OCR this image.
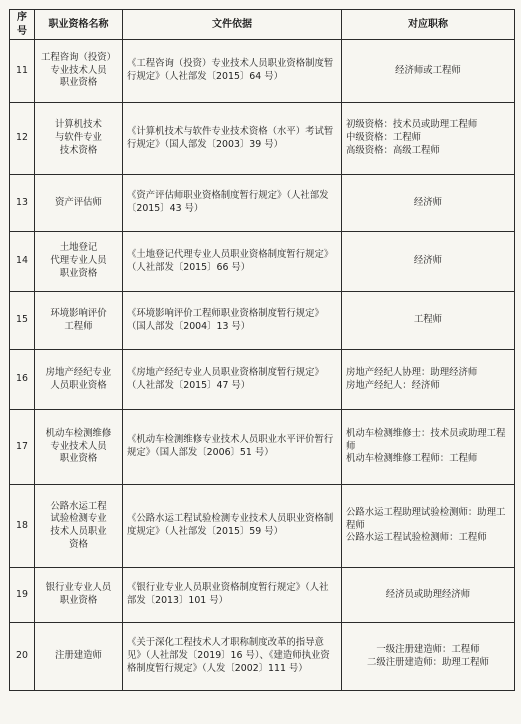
序号	职业资格名称	文件依据	对应职称
11	工程咨询（投资）
专业技术人员
职业资格	《工程咨询（投资）专业技术人员职业资格制度暂行规定》（人社部发〔2015〕64 号）	经济师或工程师

12	计算机技术
与软件专业
技术资格	《计算机技术与软件专业技术资格（水平）考试暂行规定》（国人部发〔2003〕39 号）	初级资格：技术员或助理工程师
中级资格：工程师
高级资格：高级工程师

13	资产评估师	《资产评估师职业资格制度暂行规定》（人社部发〔2015〕43 号）	经济师

14	土地登记
代理专业人员
职业资格	《土地登记代理专业人员职业资格制度暂行规定》（人社部发〔2015〕66 号）	经济师

15	环境影响评价
工程师	《环境影响评价工程师职业资格制度暂行规定》（国人部发〔2004〕13 号）	工程师

16	房地产经纪专业
人员职业资格	《房地产经纪专业人员职业资格制度暂行规定》（人社部发〔2015〕47 号）	房地产经纪人协理：助理经济师
房地产经纪人：经济师

17	机动车检测维修
专业技术人员
职业资格	《机动车检测维修专业技术人员职业水平评价暂行规定》（国人部发〔2006〕51 号）	机动车检测维修士：技术员或助理工程师
机动车检测维修工程师：工程师

18	公路水运工程
试验检测专业
技术人员职业
资格	《公路水运工程试验检测专业技术人员职业资格制度规定》（人社部发〔2015〕59 号）	公路水运工程助理试验检测师：助理工程师
公路水运工程试验检测师：工程师

19	银行业专业人员
职业资格	《银行业专业人员职业资格制度暂行规定》（人社部发〔2013〕101 号）	经济员或助理经济师

20	注册建造师	《关于深化工程技术人才职称制度改革的指导意见》（人社部发〔2019〕16 号）、《建造师执业资格制度暂行规定》（人发〔2002〕111 号）	一级注册建造师：工程师
二级注册建造师：助理工程师
